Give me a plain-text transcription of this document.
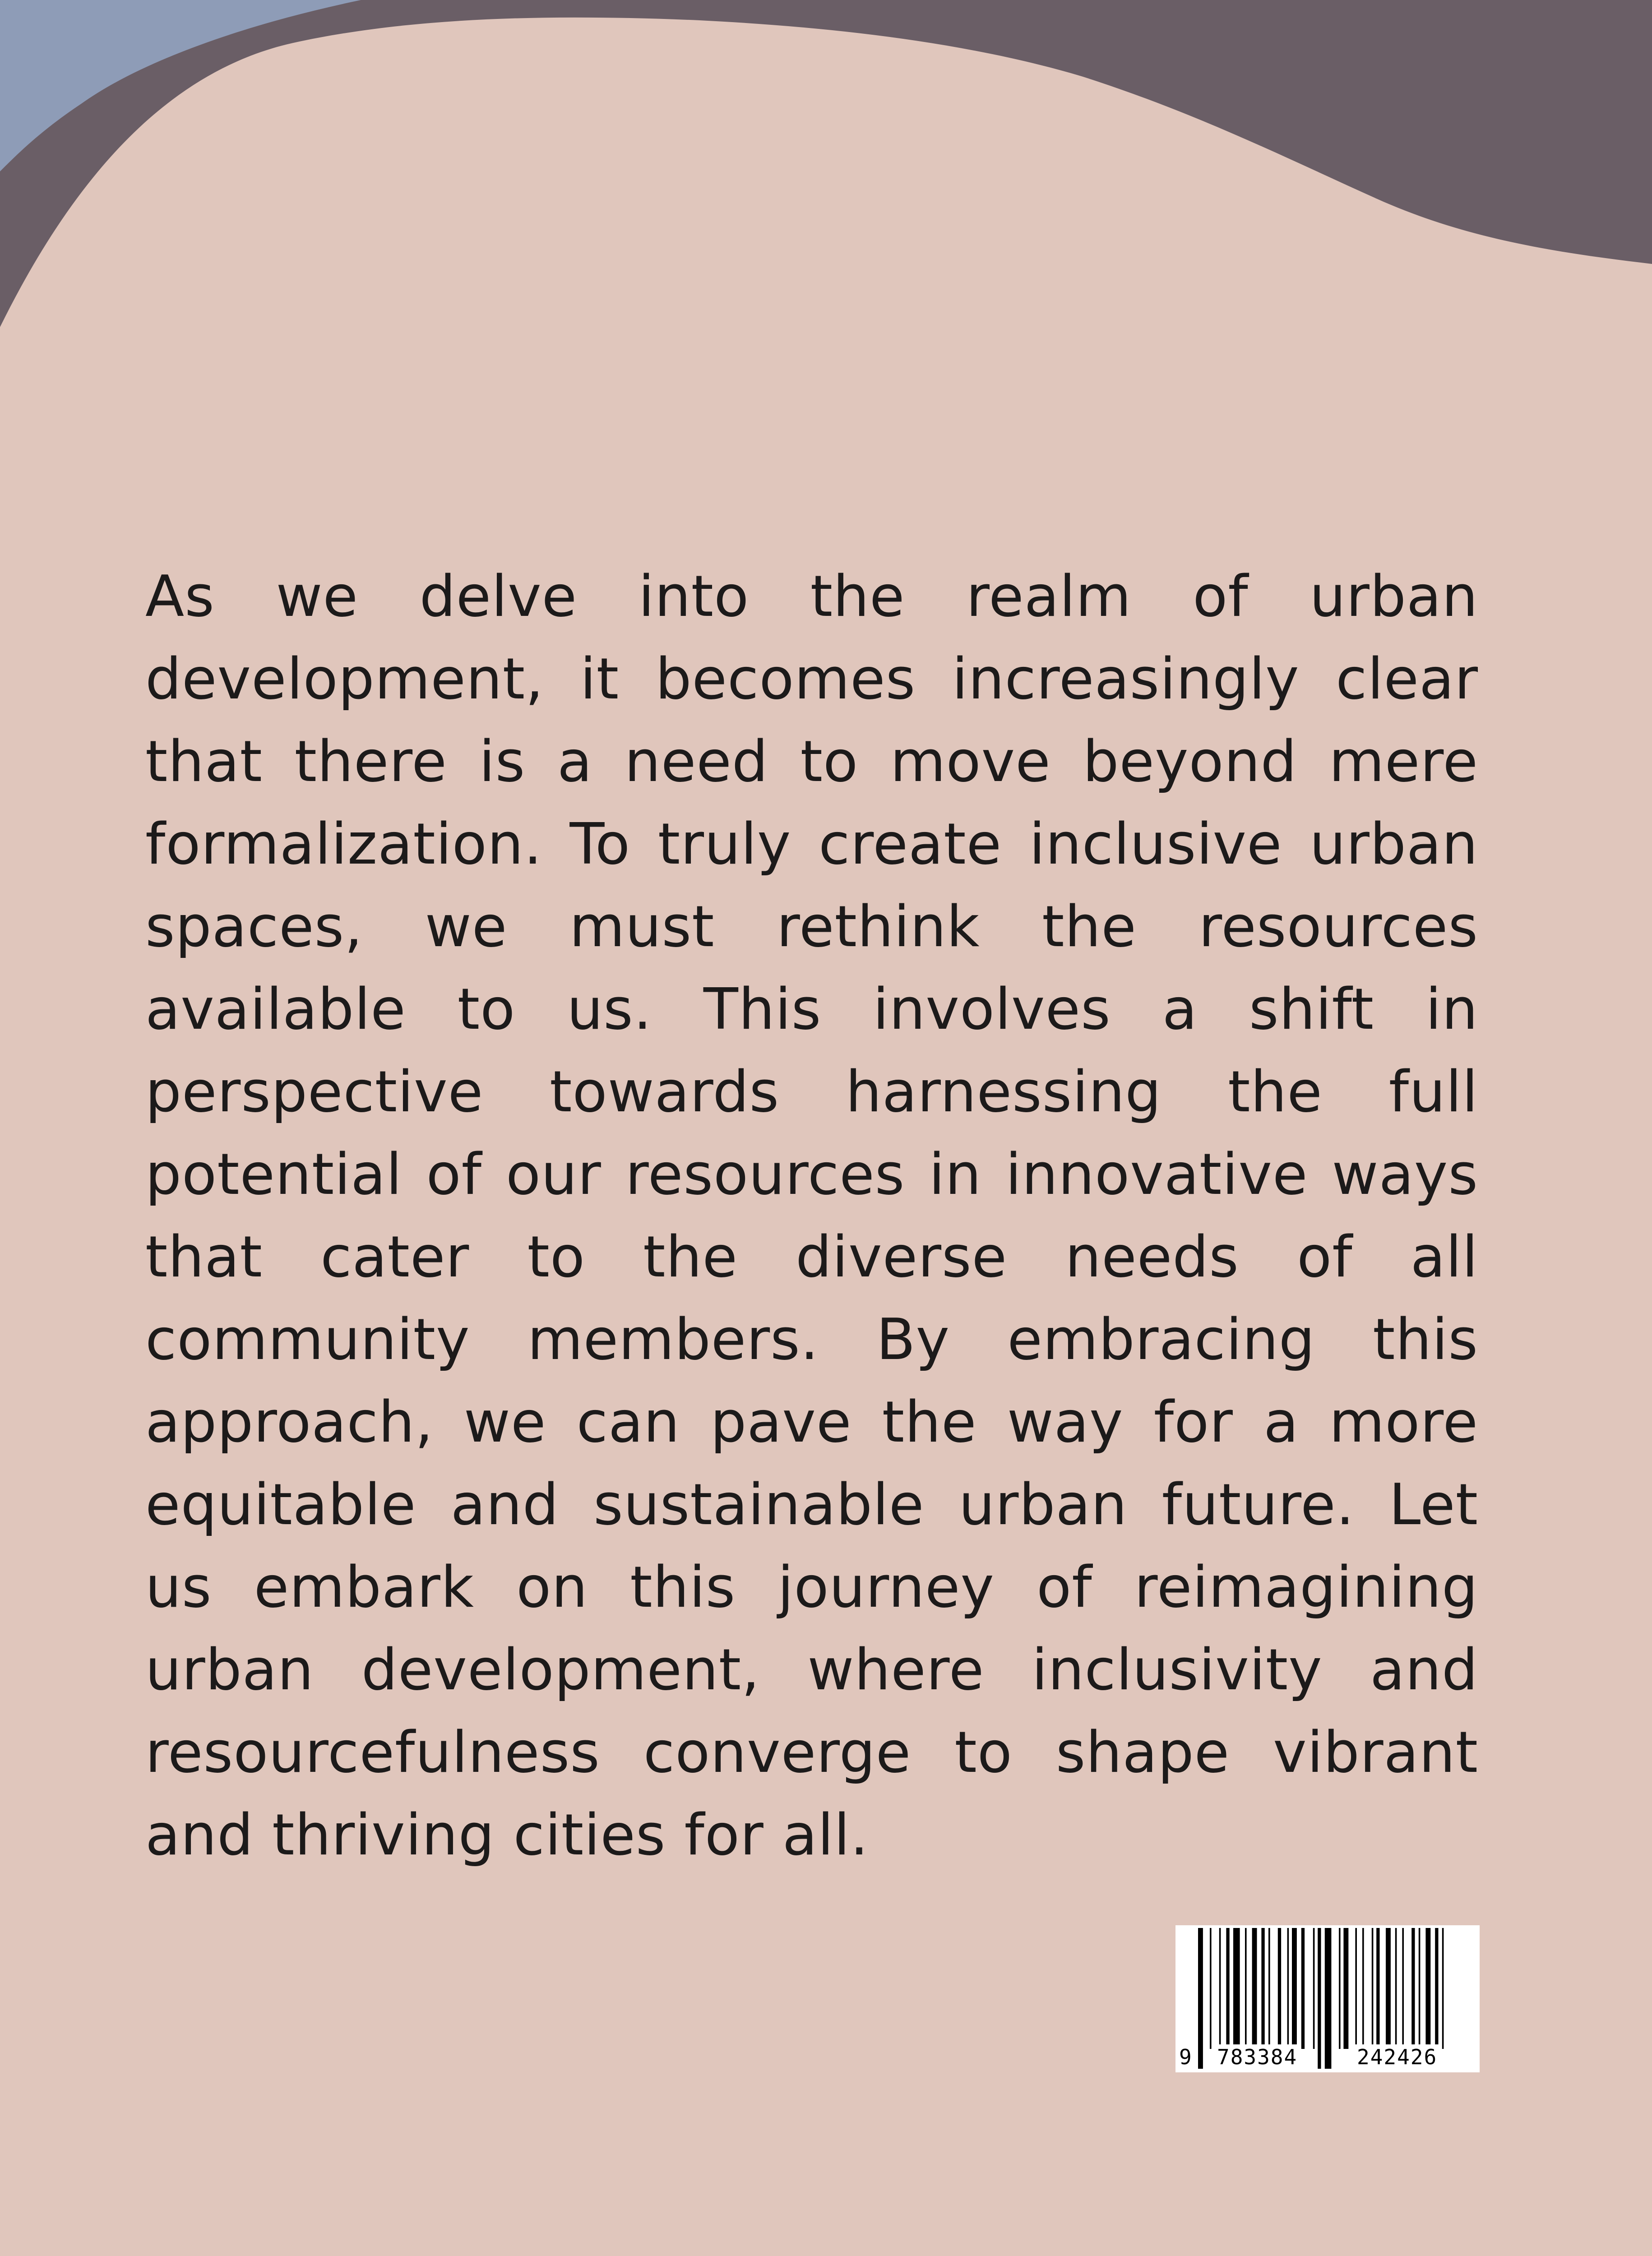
As we delve into the realm of urban development, it becomes increasingly clear that there is a need to move beyond mere formalization. To truly create inclusive urban spaces, we must rethink the resources available to us. This involves a shift in perspective towards harnessing the full potential of our resources in innovative ways that cater to the diverse needs of all community members. By embracing this approach, we can pave the way for a more equitable and sustainable urban future. Let us embark on this journey of reimagining urban development, where inclusivity and resourcefulness converge to shape vibrant and thriving cities for all.

9 783384	242426
